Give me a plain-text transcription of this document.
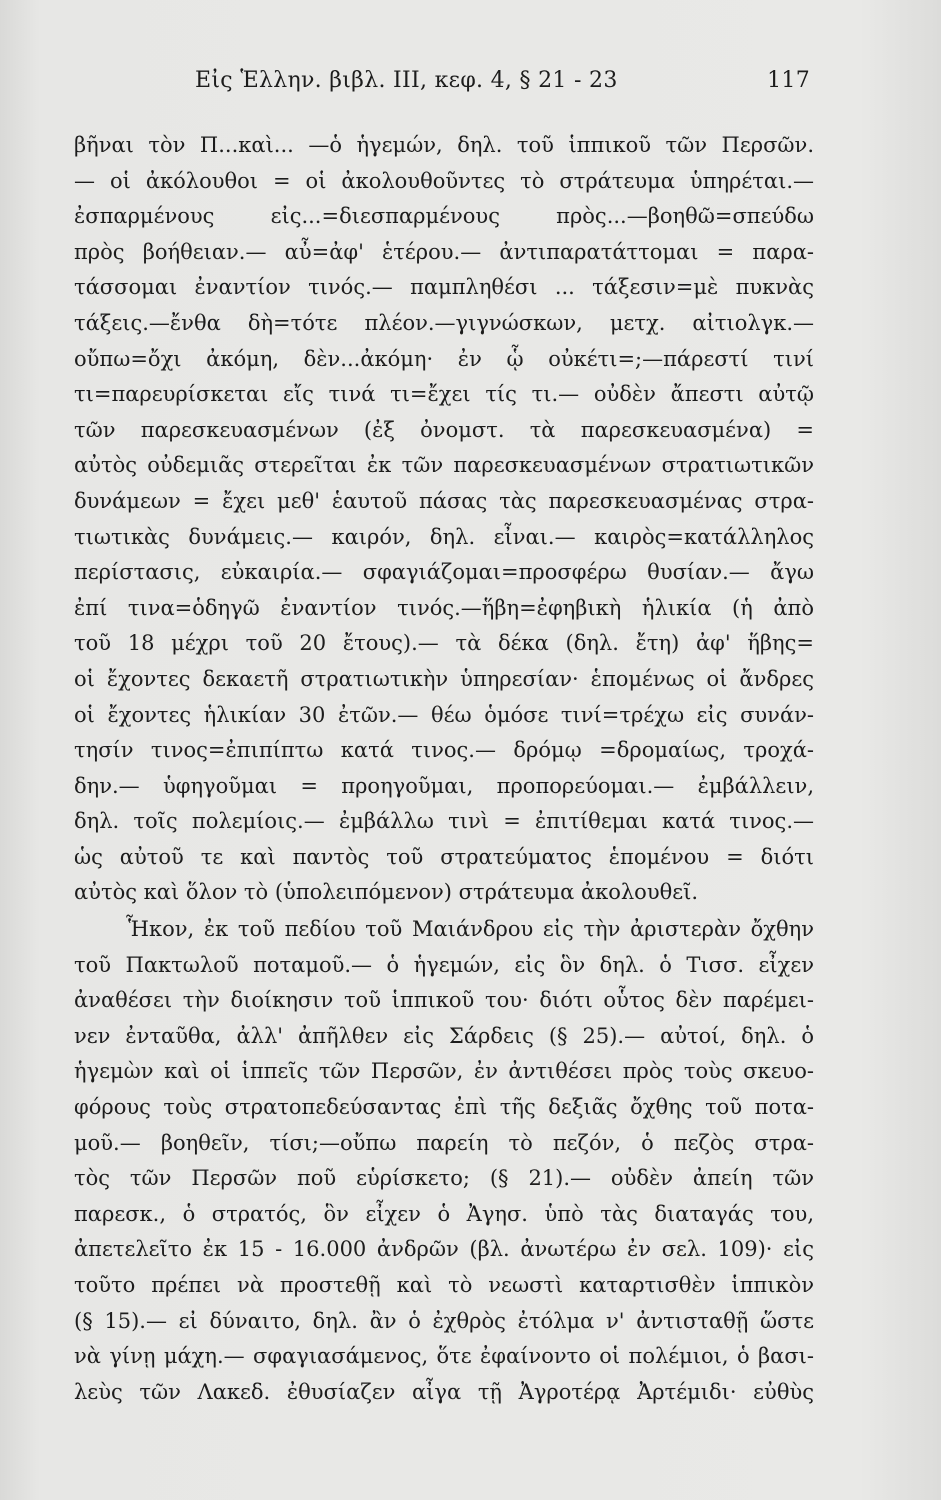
Εἰς Ἑλλην. βιβλ. ΙΙΙ, κεφ. 4, § 21 - 23	117
βῆναι τὸν Π...καὶ... —ὁ ἡγεμών, δηλ. τοῦ ἱππικοῦ τῶν Περσῶν.
— οἱ ἀκόλουθοι = οἱ ἀκολουθοῦντες τὸ στράτευμα ὑπηρέται.—
ἐσπαρμένους εἰς...=διεσπαρμένους πρὸς...—βοηθῶ=σπεύδω
πρὸς βοήθειαν.— αὖ=ἀφ' ἑτέρου.— ἀντιπαρατάττομαι = παρα-
τάσσομαι ἐναντίον τινός.— παμπληθέσι ... τάξεσιν=μὲ πυκνὰς
τάξεις.—ἔνθα δὴ=τότε πλέον.—γιγνώσκων, μετχ. αἰτιολγκ.—
οὔπω=ὄχι ἀκόμη, δὲν...ἀκόμη· ἐν ᾧ οὐκέτι=;—πάρεστί τινί
τι=παρευρίσκεται εἴς τινά τι=ἔχει τίς τι.— οὐδὲν ἄπεστι αὐτῷ
τῶν παρεσκευασμένων (ἐξ ὀνομστ. τὰ παρεσκευασμένα) =
αὐτὸς οὐδεμιᾶς στερεῖται ἐκ τῶν παρεσκευασμένων στρατιωτικῶν
δυνάμεων = ἔχει μεθ' ἑαυτοῦ πάσας τὰς παρεσκευασμένας στρα-
τιωτικὰς δυνάμεις.— καιρόν, δηλ. εἶναι.— καιρὸς=κατάλληλος
περίστασις, εὐκαιρία.— σφαγιάζομαι=προσφέρω θυσίαν.— ἄγω
ἐπί τινα=ὁδηγῶ ἐναντίον τινός.—ἥβη=ἐφηβικὴ ἡλικία (ἡ ἀπὸ
τοῦ 18 μέχρι τοῦ 20 ἔτους).— τὰ δέκα (δηλ. ἔτη) ἀφ' ἥβης=
οἱ ἔχοντες δεκαετῆ στρατιωτικὴν ὑπηρεσίαν· ἑπομένως οἱ ἄνδρες
οἱ ἔχοντες ἡλικίαν 30 ἐτῶν.— θέω ὁμόσε τινί=τρέχω εἰς συνάν-
τησίν τινος=ἐπιπίπτω κατά τινος.— δρόμῳ =δρομαίως, τροχά-
δην.— ὑφηγοῦμαι = προηγοῦμαι, προπορεύομαι.— ἐμβάλλειν,
δηλ. τοῖς πολεμίοις.— ἐμβάλλω τινὶ = ἐπιτίθεμαι κατά τινος.—
ὡς αὐτοῦ τε καὶ παντὸς τοῦ στρατεύματος ἑπομένου = διότι
αὐτὸς καὶ ὅλον τὸ (ὑπολειπόμενον) στράτευμα ἀκολουθεῖ.
Ἧκον, ἐκ τοῦ πεδίου τοῦ Μαιάνδρου εἰς τὴν ἀριστερὰν ὄχθην
τοῦ Πακτωλοῦ ποταμοῦ.— ὁ ἡγεμών, εἰς ὃν δηλ. ὁ Τισσ. εἶχεν
ἀναθέσει τὴν διοίκησιν τοῦ ἱππικοῦ του· διότι οὗτος δὲν παρέμει-
νεν ἐνταῦθα, ἀλλ' ἀπῆλθεν εἰς Σάρδεις (§ 25).— αὐτοί, δηλ. ὁ
ἡγεμὼν καὶ οἱ ἱππεῖς τῶν Περσῶν, ἐν ἀντιθέσει πρὸς τοὺς σκευο-
φόρους τοὺς στρατοπεδεύσαντας ἐπὶ τῆς δεξιᾶς ὄχθης τοῦ ποτα-
μοῦ.— βοηθεῖν, τίσι;—οὔπω παρείη τὸ πεζόν, ὁ πεζὸς στρα-
τὸς τῶν Περσῶν ποῦ εὑρίσκετο; (§ 21).— οὐδὲν ἀπείη τῶν
παρεσκ., ὁ στρατός, ὃν εἶχεν ὁ Ἀγησ. ὑπὸ τὰς διαταγάς του,
ἀπετελεῖτο ἐκ 15 - 16.000 ἀνδρῶν (βλ. ἀνωτέρω ἐν σελ. 109)· εἰς
τοῦτο πρέπει νὰ προστεθῇ καὶ τὸ νεωστὶ καταρτισθὲν ἱππικὸν
(§ 15).— εἰ δύναιτο, δηλ. ἂν ὁ ἐχθρὸς ἐτόλμα ν' ἀντισταθῇ ὥστε
νὰ γίνῃ μάχη.— σφαγιασάμενος, ὅτε ἐφαίνοντο οἱ πολέμιοι, ὁ βασι-
λεὺς τῶν Λακεδ. ἐθυσίαζεν αἶγα τῇ Ἀγροτέρᾳ Ἀρτέμιδι· εὐθὺς
